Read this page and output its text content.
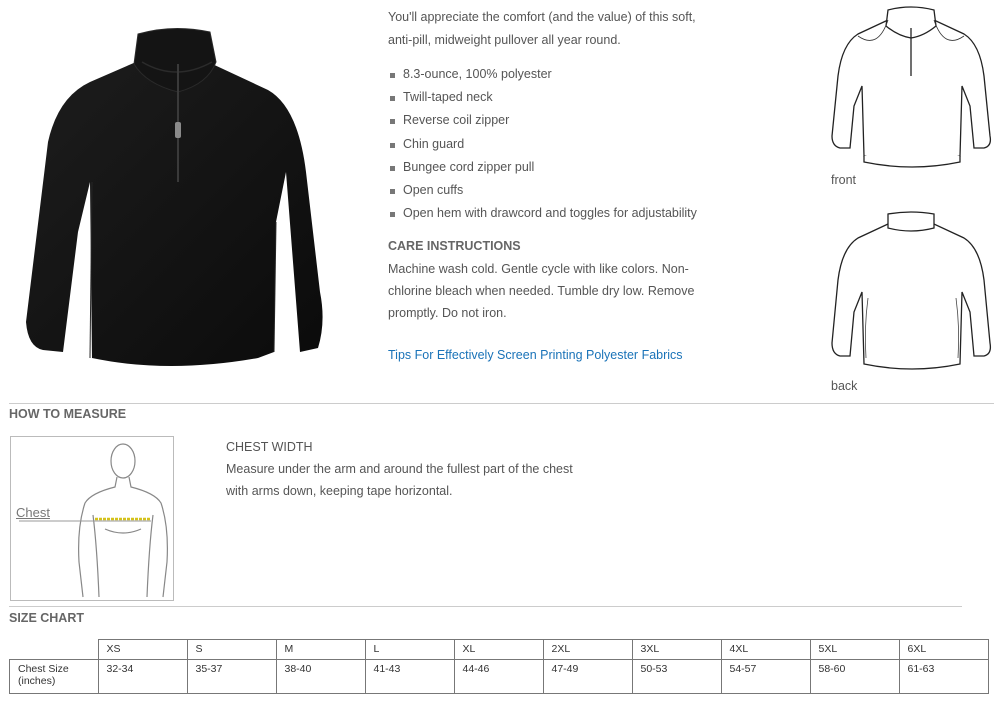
You'll appreciate the comfort (and the value) of this soft, anti-pill, midweight pullover all year round.

8.3-ounce, 100% polyester
Twill-taped neck
Reverse coil zipper
Chin guard
Bungee cord zipper pull
Open cuffs
Open hem with drawcord and toggles for adjustability
CARE INSTRUCTIONS
Machine wash cold. Gentle cycle with like colors. Non-chlorine bleach when needed. Tumble dry low. Remove promptly. Do not iron.
Tips For Effectively Screen Printing Polyester Fabrics
front
back
HOW TO MEASURE
Chest
CHEST WIDTH
Measure under the arm and around the fullest part of the chest with arms down, keeping tape horizontal.
SIZE CHART
	XS	S	M	L	XL	2XL	3XL	4XL	5XL	6XL
Chest Size (inches)	32-34	35-37	38-40	41-43	44-46	47-49	50-53	54-57	58-60	61-63
